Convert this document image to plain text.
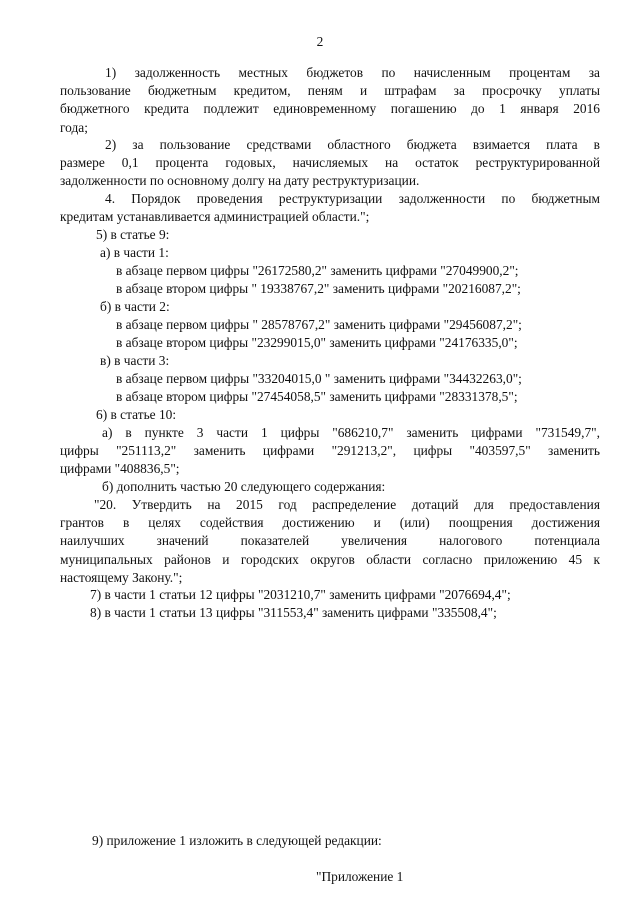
2
1) задолженность местных бюджетов по начисленным процентам за
пользование бюджетным кредитом, пеням и штрафам за просрочку уплаты
бюджетного кредита подлежит единовременному погашению до 1 января 2016
года;
2) за пользование средствами областного бюджета взимается плата в
размере 0,1 процента годовых, начисляемых на остаток реструктурированной
задолженности по основному долгу на дату реструктуризации.
4. Порядок проведения реструктуризации задолженности по бюджетным
кредитам устанавливается администрацией области.";
5) в статье 9:
а) в части 1:
в абзаце первом цифры "26172580,2" заменить цифрами "27049900,2";
в абзаце втором цифры " 19338767,2" заменить цифрами "20216087,2";
б) в части 2:
в абзаце первом цифры " 28578767,2" заменить цифрами "29456087,2";
в абзаце втором цифры "23299015,0" заменить цифрами "24176335,0";
в) в части 3:
в абзаце первом цифры "33204015,0 " заменить цифрами "34432263,0";
в абзаце втором цифры "27454058,5" заменить цифрами "28331378,5";
6) в статье 10:
а) в пункте 3 части 1 цифры "686210,7" заменить цифрами "731549,7",
цифры "251113,2" заменить цифрами "291213,2", цифры "403597,5" заменить
цифрами "408836,5";
б) дополнить частью 20 следующего содержания:
"20. Утвердить на 2015 год распределение дотаций для предоставления
грантов в целях содействия достижению и (или) поощрения достижения
наилучших значений показателей увеличения налогового потенциала
муниципальных районов и городских округов области согласно приложению 45 к
настоящему Закону.";
7) в части 1 статьи 12 цифры "2031210,7" заменить цифрами "2076694,4";
8) в части 1 статьи 13 цифры "311553,4" заменить цифрами "335508,4";
9) приложение 1 изложить в следующей редакции:
"Приложение 1
